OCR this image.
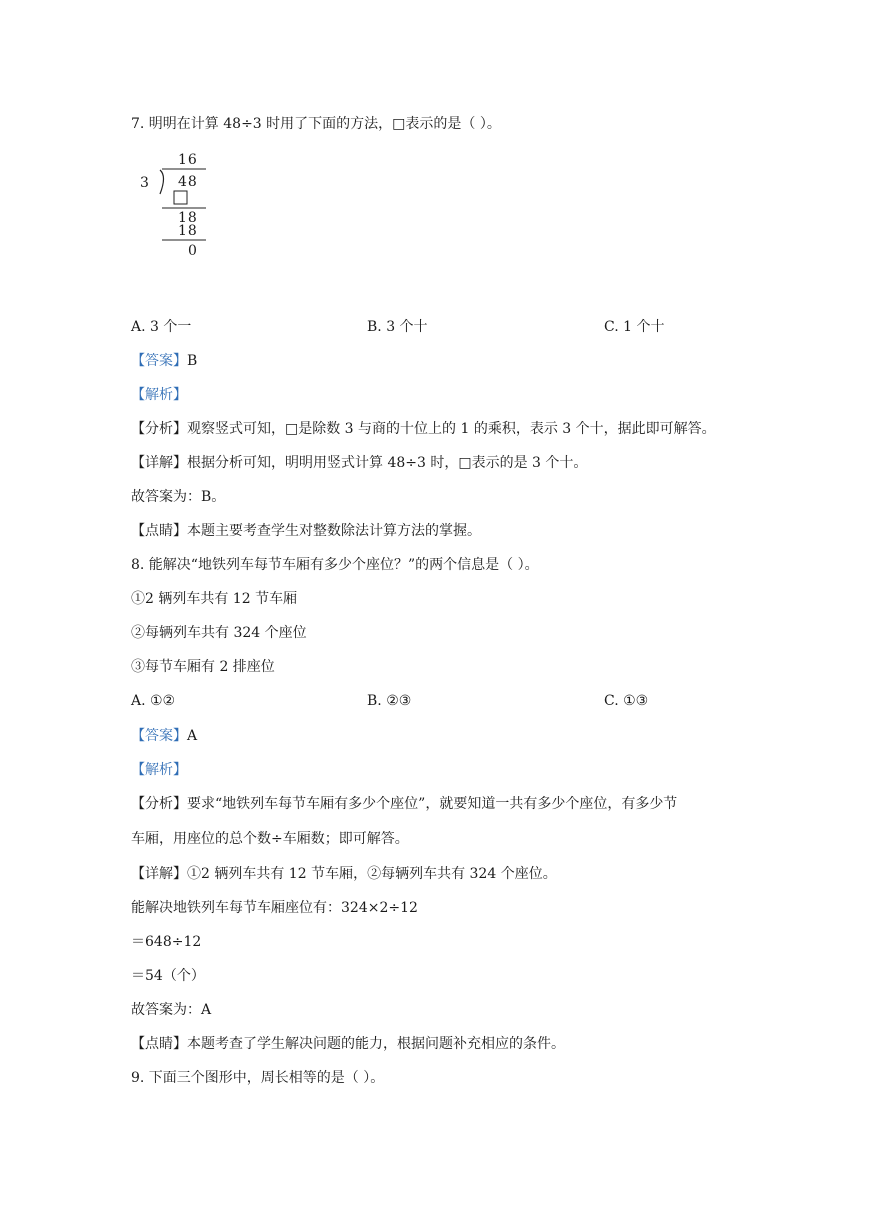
7. 明明在计算 48÷3 时用了下面的方法，□表示的是（ ）。
16
3 48
18
18
0
A. 3 个一	B. 3 个十	C. 1 个十
【答案】B
【解析】
【分析】观察竖式可知，□是除数 3 与商的十位上的 1 的乘积，表示 3 个十，据此即可解答。
【详解】根据分析可知，明明用竖式计算 48÷3 时，□表示的是 3 个十。
故答案为：B。
【点睛】本题主要考查学生对整数除法计算方法的掌握。
8. 能解决“地铁列车每节车厢有多少个座位？”的两个信息是（ ）。
①2 辆列车共有 12 节车厢
②每辆列车共有 324 个座位
③每节车厢有 2 排座位
A. ①②	B. ②③	C. ①③
【答案】A
【解析】
【分析】要求“地铁列车每节车厢有多少个座位”，就要知道一共有多少个座位，有多少节
车厢，用座位的总个数÷车厢数；即可解答。
【详解】①2 辆列车共有 12 节车厢，②每辆列车共有 324 个座位。
能解决地铁列车每节车厢座位有：324×2÷12
＝648÷12
＝54（个）
故答案为：A
【点睛】本题考查了学生解决问题的能力，根据问题补充相应的条件。
9. 下面三个图形中，周长相等的是（ ）。
